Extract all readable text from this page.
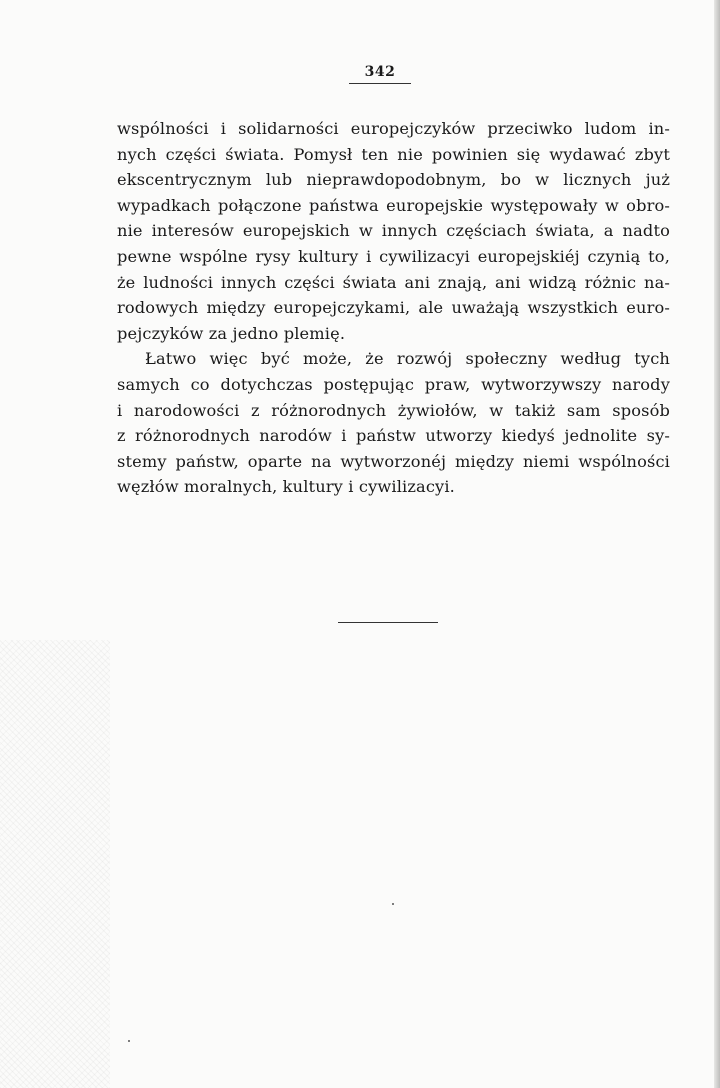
342
wspólności i solidarności europejczyków przeciwko ludom in-
nych części świata. Pomysł ten nie powinien się wydawać zbyt
ekscentrycznym lub nieprawdopodobnym, bo w licznych już
wypadkach połączone państwa europejskie występowały w obro-
nie interesów europejskich w innych częściach świata, a nadto
pewne wspólne rysy kultury i cywilizacyi europejskiéj czynią to,
że ludności innych części świata ani znają, ani widzą różnic na-
rodowych między europejczykami, ale uważają wszystkich euro-
pejczyków za jedno plemię.
Łatwo więc być może, że rozwój społeczny według tych
samych co dotychczas postępując praw, wytworzywszy narody
i narodowości z różnorodnych żywiołów, w takiż sam sposób
z różnorodnych narodów i państw utworzy kiedyś jednolite sy-
stemy państw, oparte na wytworzonéj między niemi wspólności
węzłów moralnych, kultury i cywilizacyi.
